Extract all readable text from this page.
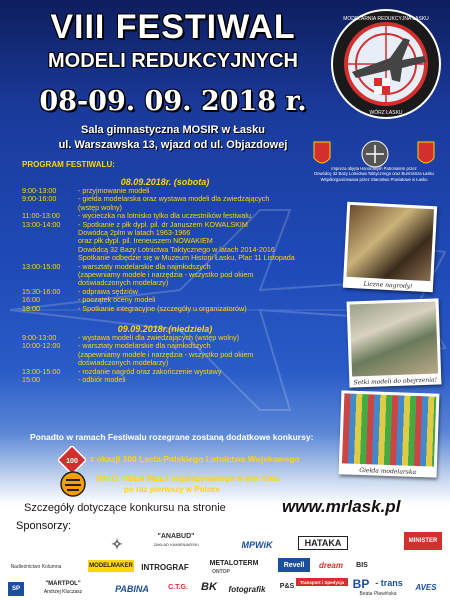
VIII FESTIWAL
MODELI REDUKCYJNYCH
08-09. 09. 2018 r.
Sala gimnastyczna MOSIR w Łasku
ul. Warszawska 13, wjazd od ul. Objazdowej
MODELARNIA REDUKCYJNA ŁASKU
WÓRZ ŁASKU
Impreza objęta Honorowym Patronatem przez
Dowódcę 32 Bazy Lotnictwa Taktycznego oraz Burmistrza Łasku
Współorganizowana przez Starostwo Powiatowe w Łasku
PROGRAM FESTIWALU:
08.09.2018r. (sobota)
9:00-13:00	- przyjmowanie modeli
9:00-16:00	- giełda modelarska oraz wystawa modeli dla zwiedzających
(wstęp wolny)
11:00-13:00	- wycieczka na lotnisko tylko dla uczestników festiwalu
13:00-14:00	- Spotkanie z płk dypl. pil. dr Januszem KOWALSKIM
Dowódcą 2plm w latach 1963-1966
oraz płk dypl. pil. Ireneuszem NOWAKIEM
Dowódcą 32 Bazy Lotnictwa Taktycznego w latach 2014-2016
Spotkanie odbędzie się w Muzeum Historii Łasku, Plac 11 Listopada
13:00-15:00	- warsztaty modelarskie dla najmłodszych
(zapewniamy modele i narzędzia - wszystko pod okiem
doświadczonych modelarzy)
15:30-16:00	- odprawa sędziów
16:00	- początek oceny modeli
18:00	- Spotkanie integracyjne (szczegóły u organizatorów)
09.09.2018r.(niedziela)
9:00-13:00	- wystawa modeli dla zwiedzających (wstęp wolny)
10:00-12:00	- warsztaty modelarskie dla najmłodszych
(zapewniamy modele i narzędzia - wszystko pod okiem
doświadczonych modelarzy)
13:00-15:00	- rozdanie nagród oraz zakończenie wystawy
15:00	- odbiór modeli
Liczne nagrody!
Setki modeli do obejrzenia!
Giełda modelarska
Ponadto w ramach Festiwalu rozegrane zostaną dodatkowe konkursy:
100 z okazji 100 Lecia Polskiego Lotnictwa Wojskowego
NATO TIGER MEET organizowanego w tym roku
po raz pierwszy w Polsce
Szczegóły dotyczące konkursu na stronie	www.mrlask.pl
Sponsorzy:
✧	"ANABUD"
ZAKŁAD KAMIENIARSKI	MPWiK	HATAKA	MINISTER
Nadleśnictwo Kolumna	MODELMAKER INTROGRAF	METALOTERM
ONTOP
Revell	dream	BIS
SP
"MARTPOL"
Andrzej Kluczasz	PABINA	C.T.G.	BK	fotografik	P&S
Transport i Spedycja BP - trans
Beata Pławińska
AVES
